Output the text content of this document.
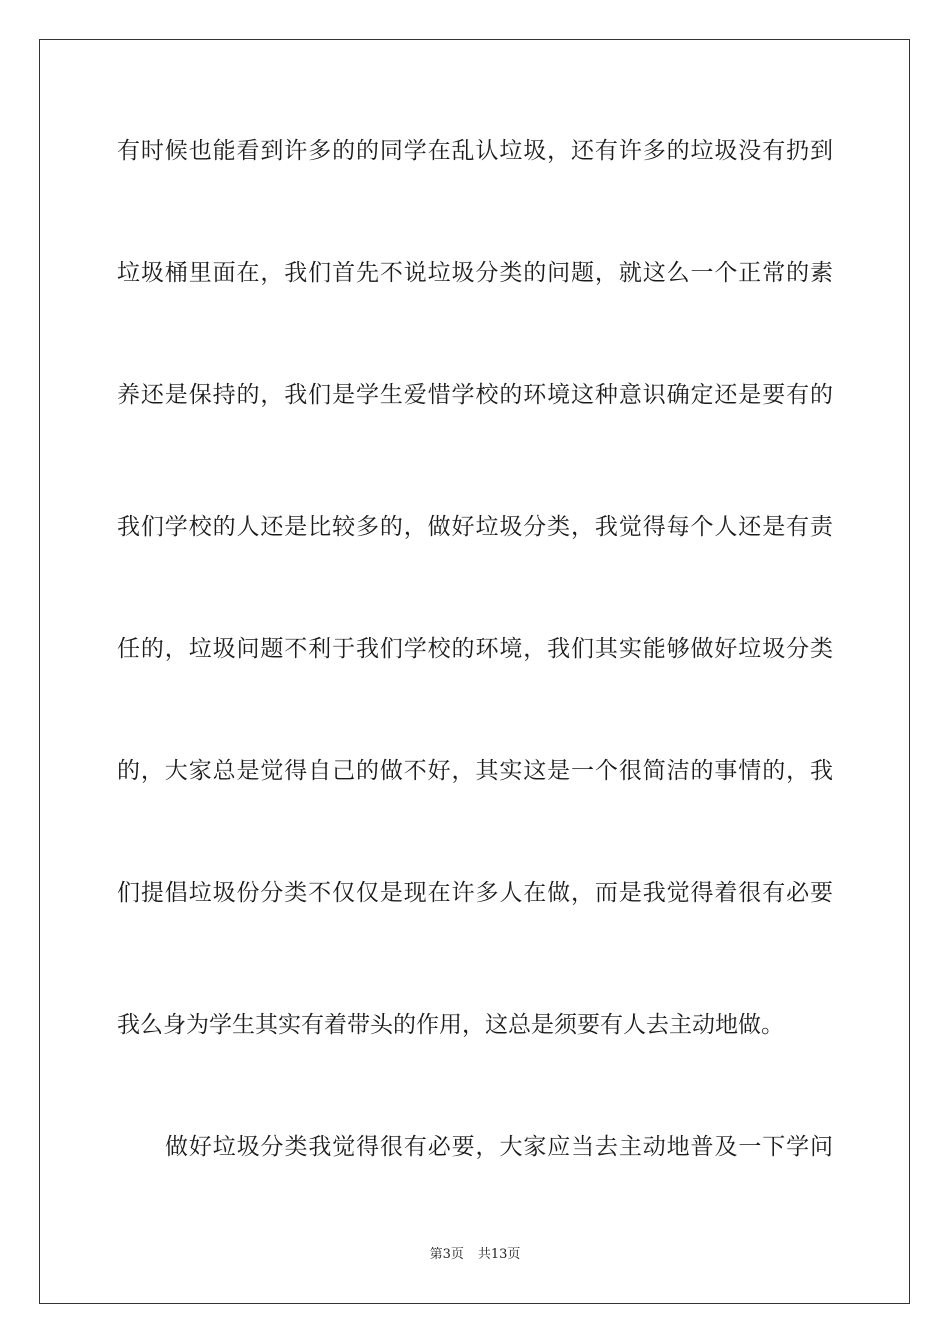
有时候也能看到许多的的同学在乱认垃圾，还有许多的垃圾没有扔到
垃圾桶里面在，我们首先不说垃圾分类的问题，就这么一个正常的素
养还是保持的，我们是学生爱惜学校的环境这种意识确定还是要有的
我们学校的人还是比较多的，做好垃圾分类，我觉得每个人还是有责
任的，垃圾问题不利于我们学校的环境，我们其实能够做好垃圾分类
的，大家总是觉得自己的做不好，其实这是一个很简洁的事情的，我
们提倡垃圾份分类不仅仅是现在许多人在做，而是我觉得着很有必要
我么身为学生其实有着带头的作用，这总是须要有人去主动地做。
做好垃圾分类我觉得很有必要，大家应当去主动地普及一下学问
第3页 共13页
